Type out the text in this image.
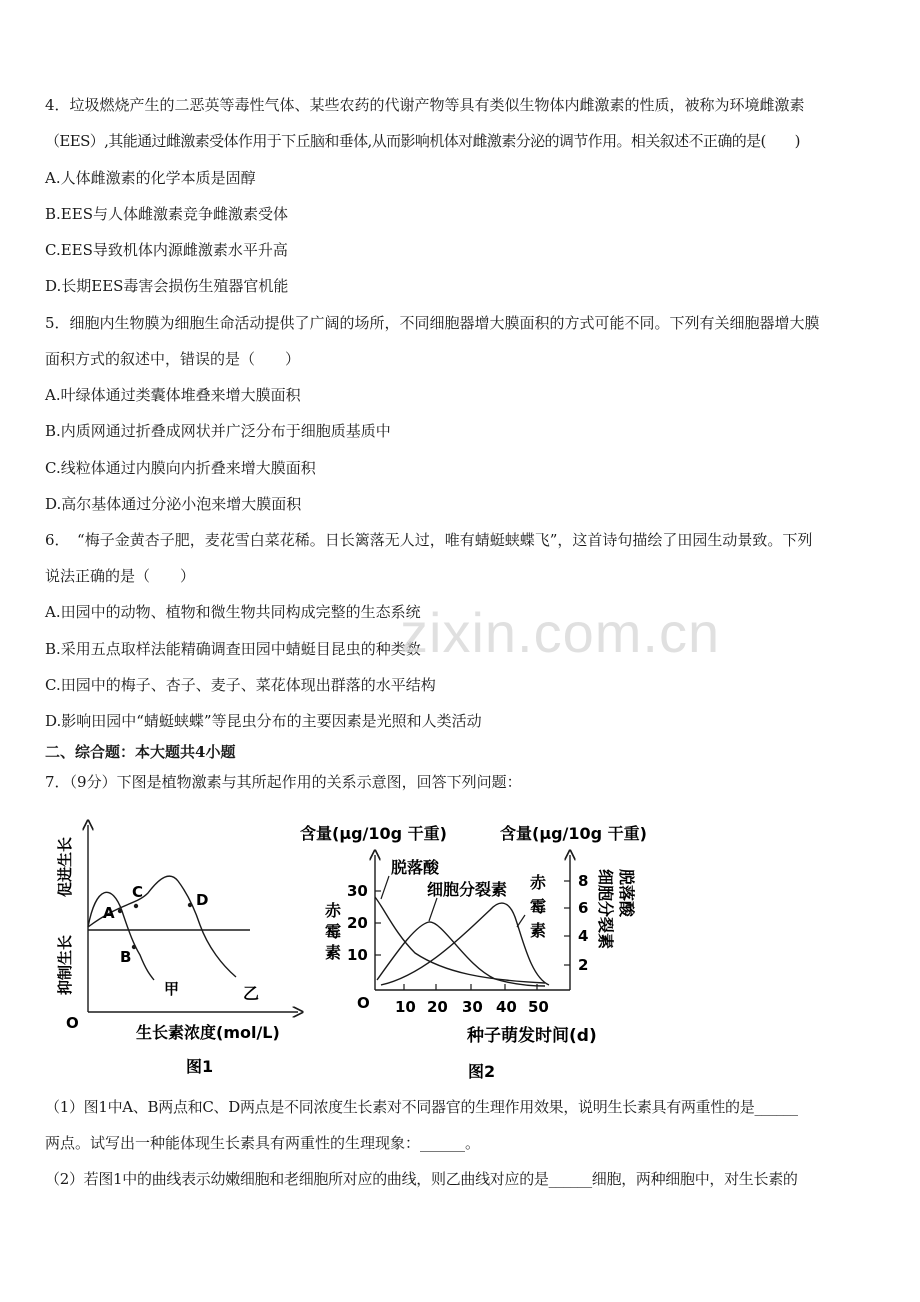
4．垃圾燃烧产生的二恶英等毒性气体、某些农药的代谢产物等具有类似生物体内雌激素的性质，被称为环境雌激素
（EES）,其能通过雌激素受体作用于下丘脑和垂体,从而影响机体对雌激素分泌的调节作用。相关叙述不正确的是(　　)
A.人体雌激素的化学本质是固醇
B.EES与人体雌激素竞争雌激素受体
C.EES导致机体内源雌激素水平升高
D.长期EES毒害会损伤生殖器官机能
5．细胞内生物膜为细胞生命活动提供了广阔的场所，不同细胞器增大膜面积的方式可能不同。下列有关细胞器增大膜
面积方式的叙述中，错误的是（　　）
A.叶绿体通过类囊体堆叠来增大膜面积
B.内质网通过折叠成网状并广泛分布于细胞质基质中
C.线粒体通过内膜向内折叠来增大膜面积
D.高尔基体通过分泌小泡来增大膜面积
6．　“梅子金黄杏子肥，麦花雪白菜花稀。日长篱落无人过，唯有蜻蜓蛱蝶飞”，这首诗句描绘了田园生动景致。下列
说法正确的是（　　）
A.田园中的动物、植物和微生物共同构成完整的生态系统
B.采用五点取样法能精确调查田园中蜻蜓目昆虫的种类数
C.田园中的梅子、杏子、麦子、菜花体现出群落的水平结构
D.影响田园中“蜻蜓蛱蝶”等昆虫分布的主要因素是光照和人类活动
二、综合题：本大题共4小题
7．（9分）下图是植物激素与其所起作用的关系示意图，回答下列问题：
zixin.com.cn
A
B
C	D
甲	乙
促进生长
抑制生长
O	生长素浓度(mol/L)
图1
含量(μg/10g 干重)	含量(μg/10g 干重)
10
20
30
2
4
6
8
10 20 30 40 50
O
脱落酸
细胞分裂素 赤
霉
素
赤
霉
素
细胞分裂素 脱落酸
种子萌发时间(d)
图2
（1）图1中A、B两点和C、D两点是不同浓度生长素对不同器官的生理作用效果，说明生长素具有两重性的是______
两点。试写出一种能体现生长素具有两重性的生理现象：______。
（2）若图1中的曲线表示幼嫩细胞和老细胞所对应的曲线，则乙曲线对应的是______细胞，两种细胞中，对生长素的
